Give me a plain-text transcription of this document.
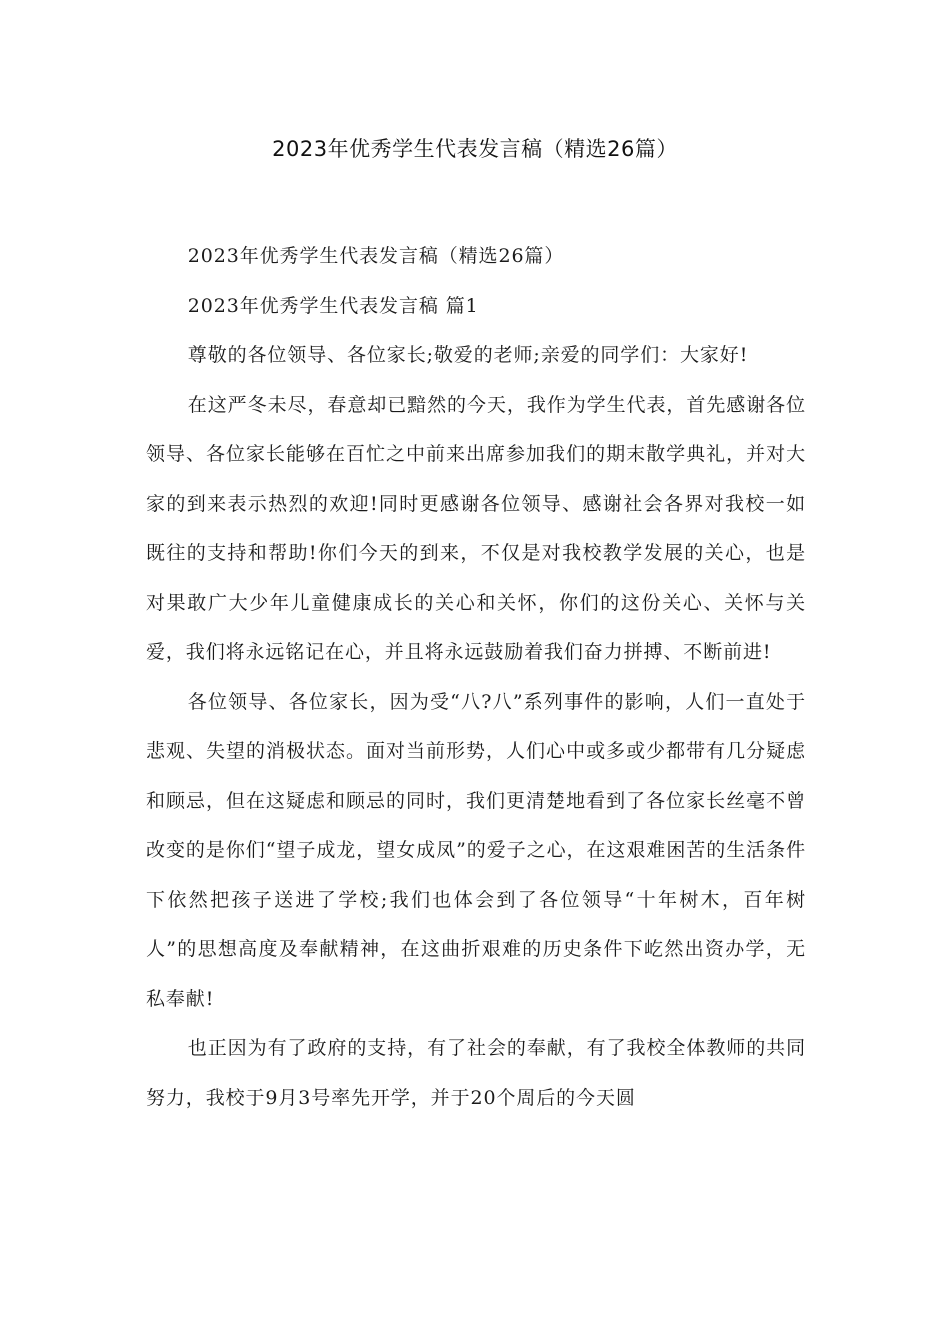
2023年优秀学生代表发言稿（精选26篇）

2023年优秀学生代表发言稿（精选26篇）

2023年优秀学生代表发言稿 篇1

尊敬的各位领导、各位家长;敬爱的老师;亲爱的同学们：大家好!

在这严冬未尽，春意却已黯然的今天，我作为学生代表，首先感谢各位领导、各位家长能够在百忙之中前来出席参加我们的期末散学典礼，并对大家的到来表示热烈的欢迎!同时更感谢各位领导、感谢社会各界对我校一如既往的支持和帮助!你们今天的到来，不仅是对我校教学发展的关心，也是对果敢广大少年儿童健康成长的关心和关怀，你们的这份关心、关怀与关爱，我们将永远铭记在心，并且将永远鼓励着我们奋力拼搏、不断前进!

各位领导、各位家长，因为受“八?八”系列事件的影响，人们一直处于悲观、失望的消极状态。面对当前形势，人们心中或多或少都带有几分疑虑和顾忌，但在这疑虑和顾忌的同时，我们更清楚地看到了各位家长丝毫不曾改变的是你们“望子成龙，望女成凤”的爱子之心，在这艰难困苦的生活条件下依然把孩子送进了学校;我们也体会到了各位领导“十年树木，百年树人”的思想高度及奉献精神，在这曲折艰难的历史条件下屹然出资办学，无私奉献!

也正因为有了政府的支持，有了社会的奉献，有了我校全体教师的共同努力，我校于9月3号率先开学，并于20个周后的今天圆
